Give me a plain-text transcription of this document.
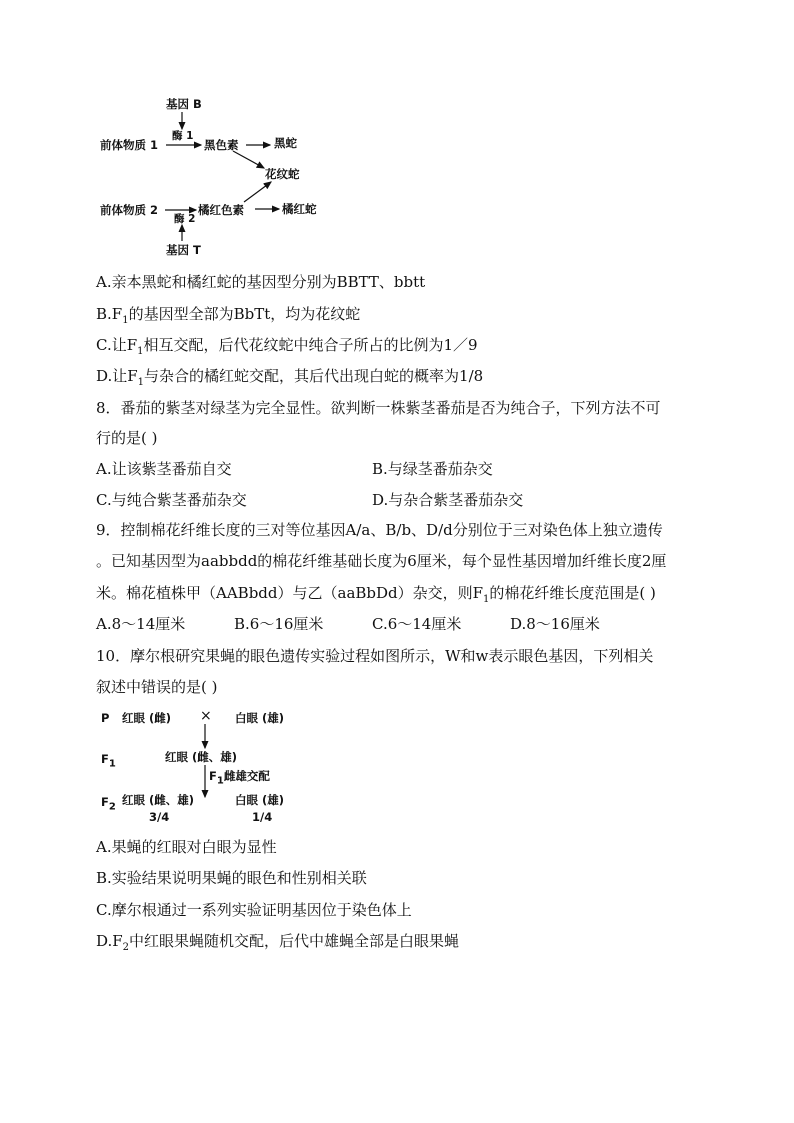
基因 B
酶 1
前体物质 1	黑色素	黑蛇
花纹蛇
前体物质 2	橘红色素	橘红蛇
酶 2
基因 T
A.亲本黑蛇和橘红蛇的基因型分别为BBTT、bbtt
$B.F_1$的基因型全部为BbTt，均为花纹蛇
C.让$F_1$相互交配，后代花纹蛇中纯合子所占的比例为1／9
D.让$F_1$与杂合的橘红蛇交配，其后代出现白蛇的概率为1/8
8．番茄的紫茎对绿茎为完全显性。欲判断一株紫茎番茄是否为纯合子，下列方法不可
行的是( )
A.让该紫茎番茄自交	B.与绿茎番茄杂交
C.与纯合紫茎番茄杂交	D.与杂合紫茎番茄杂交
9．控制棉花纤维长度的三对等位基因A/a、B/b、D/d分别位于三对染色体上独立遗传
。已知基因型为aabbdd的棉花纤维基础长度为6厘米，每个显性基因增加纤维长度2厘
米。棉花植株甲（AABbdd）与乙（aaBbDd）杂交，则$F_1$的棉花纤维长度范围是( )
A.8～14厘米	B.6～16厘米	C.6～14厘米	D.8～16厘米
10．摩尔根研究果蝇的眼色遗传实验过程如图所示，W和w表示眼色基因，下列相关
叙述中错误的是( )
P 红眼 (雌) × 白眼 (雄)
$F_1$	红眼 (雌、雄)
$F_1$雌雄交配
$F_2$ 红眼 (雌、雄)	白眼 (雄)
3/4	1/4
A.果蝇的红眼对白眼为显性
B.实验结果说明果蝇的眼色和性别相关联
C.摩尔根通过一系列实验证明基因位于染色体上
$D.F_2$中红眼果蝇随机交配，后代中雄蝇全部是白眼果蝇
